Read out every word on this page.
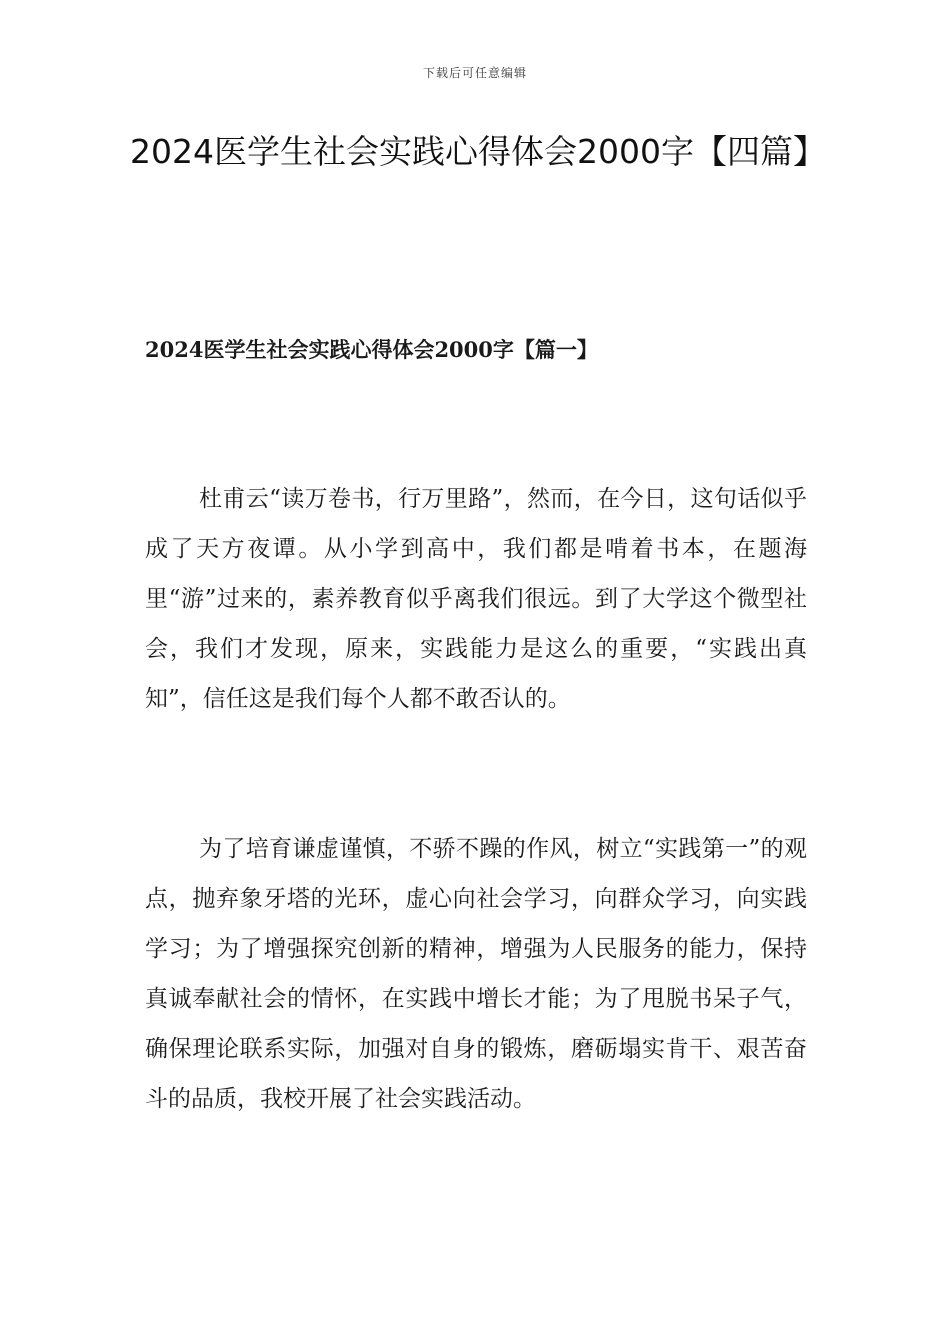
下载后可任意编辑
2024医学生社会实践心得体会2000字【四篇】
2024医学生社会实践心得体会2000字【篇一】

杜甫云“读万卷书，行万里路”，然而，在今日，这句话似乎成了天方夜谭。从小学到高中，我们都是啃着书本，在题海里“游”过来的，素养教育似乎离我们很远。到了大学这个微型社会，我们才发现，原来，实践能力是这么的重要，“实践出真知”，信任这是我们每个人都不敢否认的。

为了培育谦虚谨慎，不骄不躁的作风，树立“实践第一”的观点，抛弃象牙塔的光环，虚心向社会学习，向群众学习，向实践学习；为了增强探究创新的精神，增强为人民服务的能力，保持真诚奉献社会的情怀，在实践中增长才能；为了甩脱书呆子气，确保理论联系实际，加强对自身的锻炼，磨砺塌实肯干、艰苦奋斗的品质，我校开展了社会实践活动。
